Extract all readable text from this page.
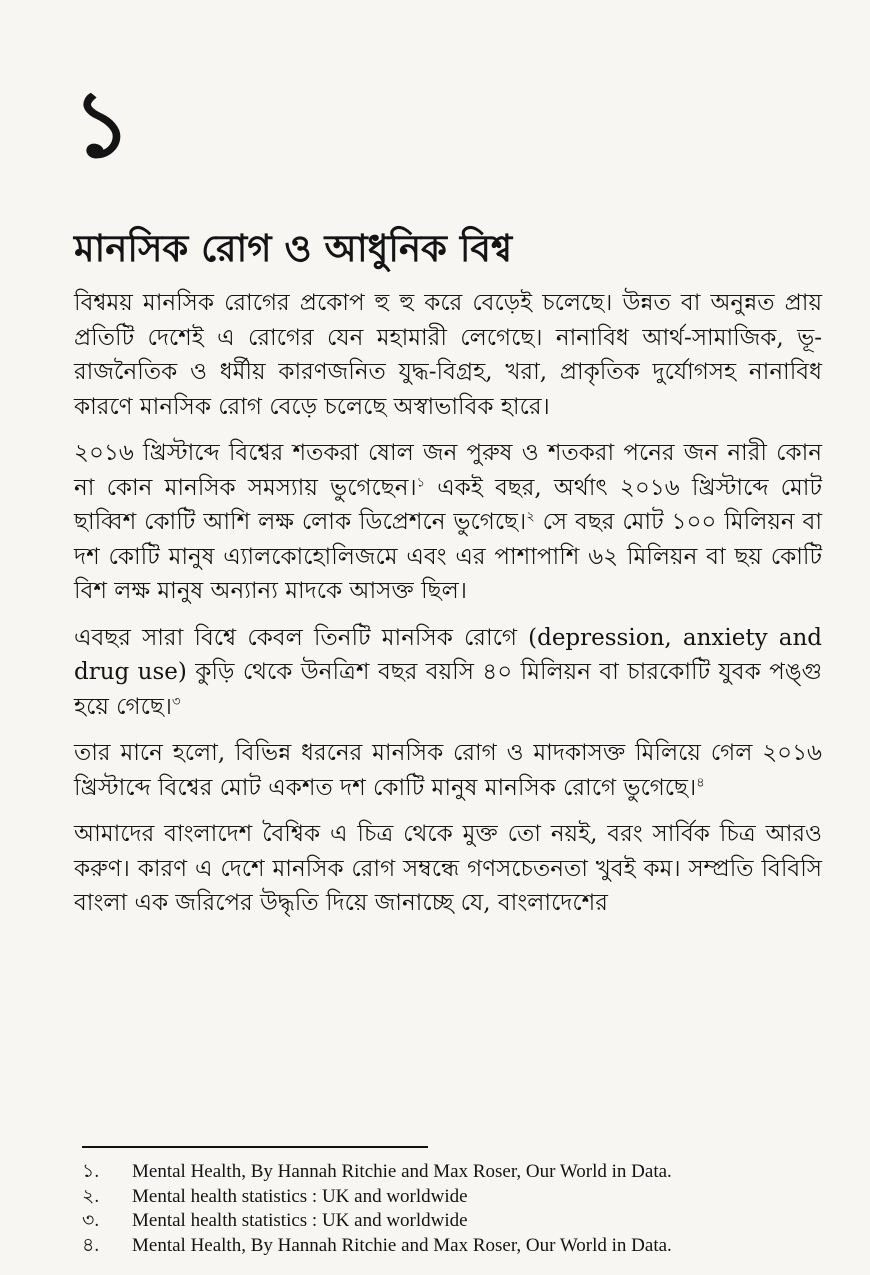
১
মানসিক রোগ ও আধুনিক বিশ্ব

বিশ্বময় মানসিক রোগের প্রকোপ হু হু করে বেড়েই চলেছে। উন্নত বা অনুন্নত প্রায় প্রতিটি দেশেই এ রোগের যেন মহামারী লেগেছে। নানাবিধ আর্থ-সামাজিক, ভূ-রাজনৈতিক ও ধর্মীয় কারণজনিত যুদ্ধ-বিগ্রহ, খরা, প্রাকৃতিক দুর্যোগসহ নানাবিধ কারণে মানসিক রোগ বেড়ে চলেছে অস্বাভাবিক হারে।

২০১৬ খ্রিস্টাব্দে বিশ্বের শতকরা ষোল জন পুরুষ ও শতকরা পনের জন নারী কোন না কোন মানসিক সমস্যায় ভুগেছেন।$^১$ একই বছর, অর্থাৎ ২০১৬ খ্রিস্টাব্দে মোট ছাব্বিশ কোটি আশি লক্ষ লোক ডিপ্রেশনে ভুগেছে।$^২$ সে বছর মোট ১০০ মিলিয়ন বা দশ কোটি মানুষ এ্যালকোহোলিজমে এবং এর পাশাপাশি ৬২ মিলিয়ন বা ছয় কোটি বিশ লক্ষ মানুষ অন্যান্য মাদকে আসক্ত ছিল।

এবছর সারা বিশ্বে কেবল তিনটি মানসিক রোগে (depression, anxiety and drug use) কুড়ি থেকে উনত্রিশ বছর বয়সি ৪০ মিলিয়ন বা চারকোটি যুবক পঙ্গু হয়ে গেছে।$^৩$

তার মানে হলো, বিভিন্ন ধরনের মানসিক রোগ ও মাদকাসক্ত মিলিয়ে গেল ২০১৬ খ্রিস্টাব্দে বিশ্বের মোট একশত দশ কোটি মানুষ মানসিক রোগে ভুগেছে।$^৪$

আমাদের বাংলাদেশ বৈশ্বিক এ চিত্র থেকে মুক্ত তো নয়ই, বরং সার্বিক চিত্র আরও করুণ। কারণ এ দেশে মানসিক রোগ সম্বন্ধে গণসচেতনতা খুবই কম। সম্প্রতি বিবিসি বাংলা এক জরিপের উদ্ধৃতি দিয়ে জানাচ্ছে যে, বাংলাদেশের

১.	Mental Health, By Hannah Ritchie and Max Roser, Our World in Data.
২.	Mental health statistics : UK and worldwide
৩.	Mental health statistics : UK and worldwide
৪.	Mental Health, By Hannah Ritchie and Max Roser, Our World in Data.
